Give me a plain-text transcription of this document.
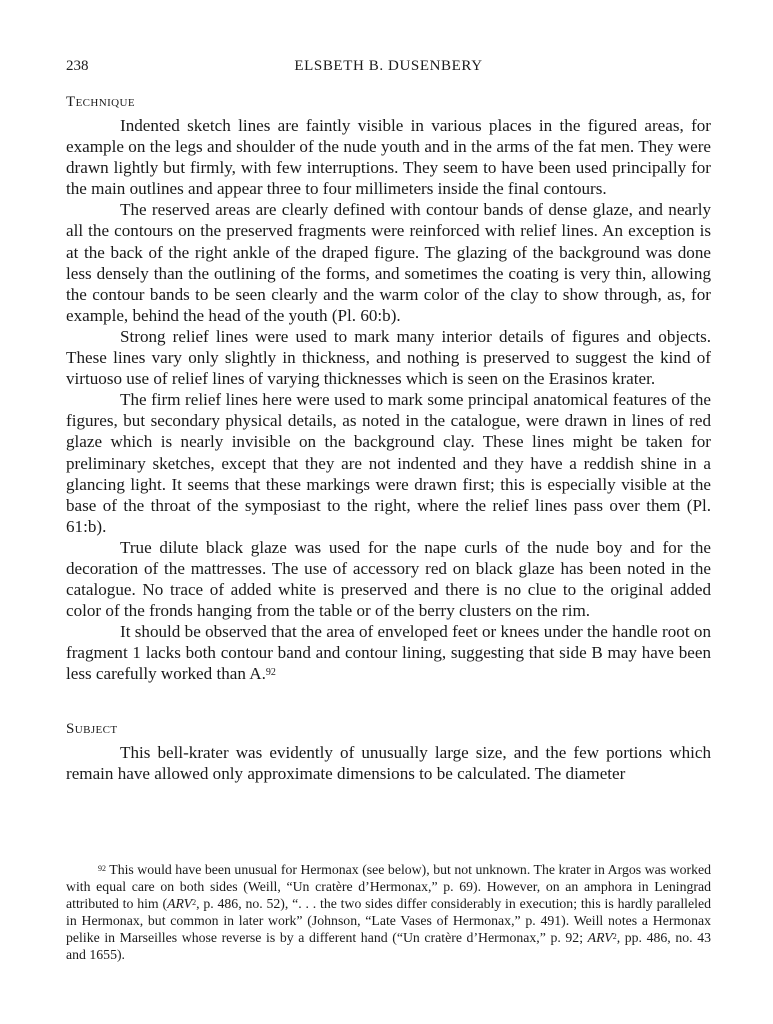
238	ELSBETH B. DUSENBERY
Technique

Indented sketch lines are faintly visible in various places in the figured areas, for example on the legs and shoulder of the nude youth and in the arms of the fat men. They were drawn lightly but firmly, with few interruptions. They seem to have been used principally for the main outlines and appear three to four millimeters inside the final contours.

The reserved areas are clearly defined with contour bands of dense glaze, and nearly all the contours on the preserved fragments were reinforced with relief lines. An exception is at the back of the right ankle of the draped figure. The glazing of the background was done less densely than the outlining of the forms, and sometimes the coating is very thin, allowing the contour bands to be seen clearly and the warm color of the clay to show through, as, for example, behind the head of the youth (Pl. 60:b).

Strong relief lines were used to mark many interior details of figures and objects. These lines vary only slightly in thickness, and nothing is preserved to suggest the kind of virtuoso use of relief lines of varying thicknesses which is seen on the Erasinos krater.

The firm relief lines here were used to mark some principal anatomical features of the figures, but secondary physical details, as noted in the catalogue, were drawn in lines of red glaze which is nearly invisible on the background clay. These lines might be taken for preliminary sketches, except that they are not indented and they have a reddish shine in a glancing light. It seems that these markings were drawn first; this is especially visible at the base of the throat of the symposiast to the right, where the relief lines pass over them (Pl. 61:b).

True dilute black glaze was used for the nape curls of the nude boy and for the decoration of the mattresses. The use of accessory red on black glaze has been noted in the catalogue. No trace of added white is preserved and there is no clue to the original added color of the fronds hanging from the table or of the berry clusters on the rim.

It should be observed that the area of enveloped feet or knees under the handle root on fragment 1 lacks both contour band and contour lining, suggesting that side B may have been less carefully worked than A.$^{92}$

Subject

This bell-krater was evidently of unusually large size, and the few portions which remain have allowed only approximate dimensions to be calculated. The diameter

$^{92}$ This would have been unusual for Hermonax (see below), but not unknown. The krater in Argos was worked with equal care on both sides (Weill, “Un cratère d’Hermonax,” p. 69). However, on an amphora in Leningrad attributed to him (ARV$^2$, p. 486, no. 52), “. . . the two sides differ considerably in execution; this is hardly paralleled in Hermonax, but common in later work” (Johnson, “Late Vases of Hermonax,” p. 491). Weill notes a Hermonax pelike in Marseilles whose reverse is by a different hand (“Un cratère d’Hermonax,” p. 92; ARV$^2$, pp. 486, no. 43 and 1655).
